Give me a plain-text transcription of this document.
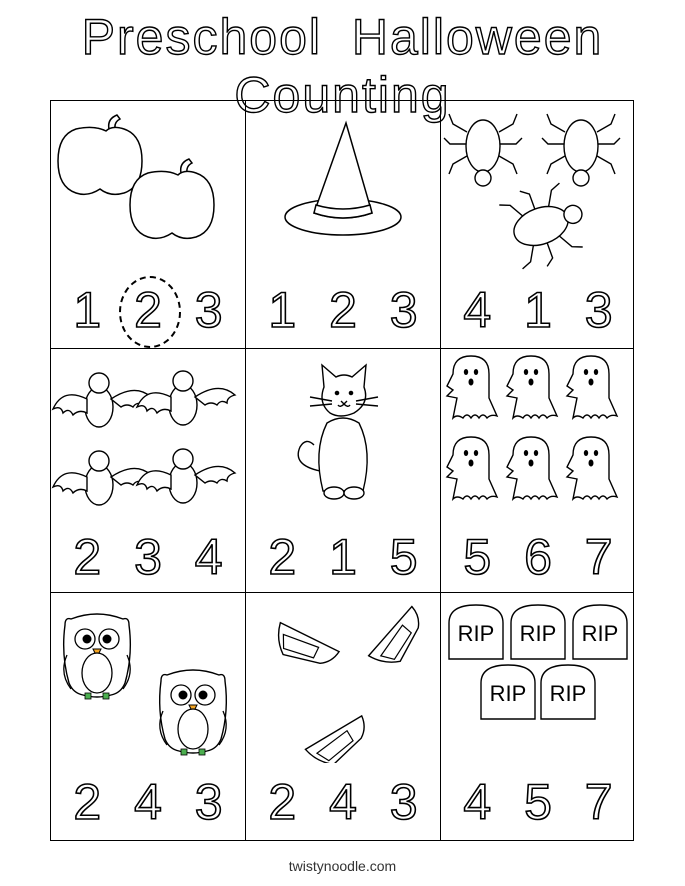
Preschool Halloween Counting
1 2 3 1 2 3 4 1 3
2 3 4 2 1 5 5 6 7
2 4 3 2 4 3
RIP RIP RIP
RIP RIP
4 5 7
twistynoodle.com
